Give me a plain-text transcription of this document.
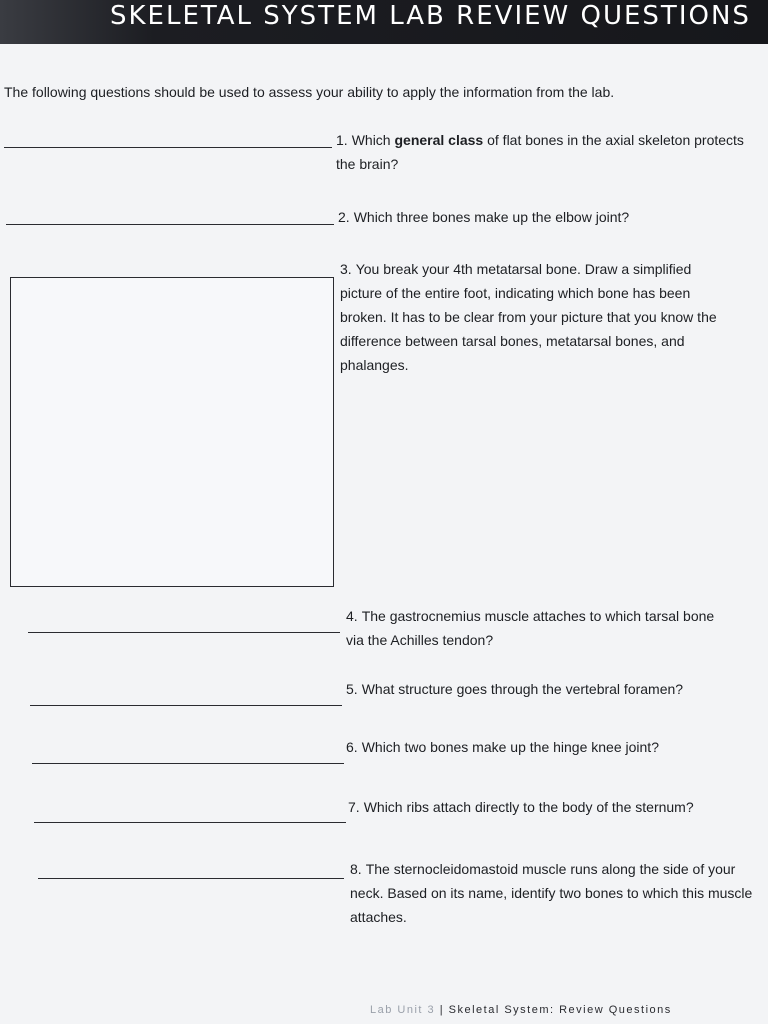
SKELETAL SYSTEM LAB REVIEW QUESTIONS
The following questions should be used to assess your ability to apply the information from the lab.
1. Which general class of flat bones in the axial skeleton protects the brain?
2. Which three bones make up the elbow joint?
3. You break your 4th metatarsal bone. Draw a simplified picture of the entire foot, indicating which bone has been broken. It has to be clear from your picture that you know the difference between tarsal bones, metatarsal bones, and phalanges.
4. The gastrocnemius muscle attaches to which tarsal bone via the Achilles tendon?
5. What structure goes through the vertebral foramen?
6. Which two bones make up the hinge knee joint?
7. Which ribs attach directly to the body of the sternum?
8. The sternocleidomastoid muscle runs along the side of your neck. Based on its name, identify two bones to which this muscle attaches.
Lab Unit 3 | Skeletal System: Review Questions
